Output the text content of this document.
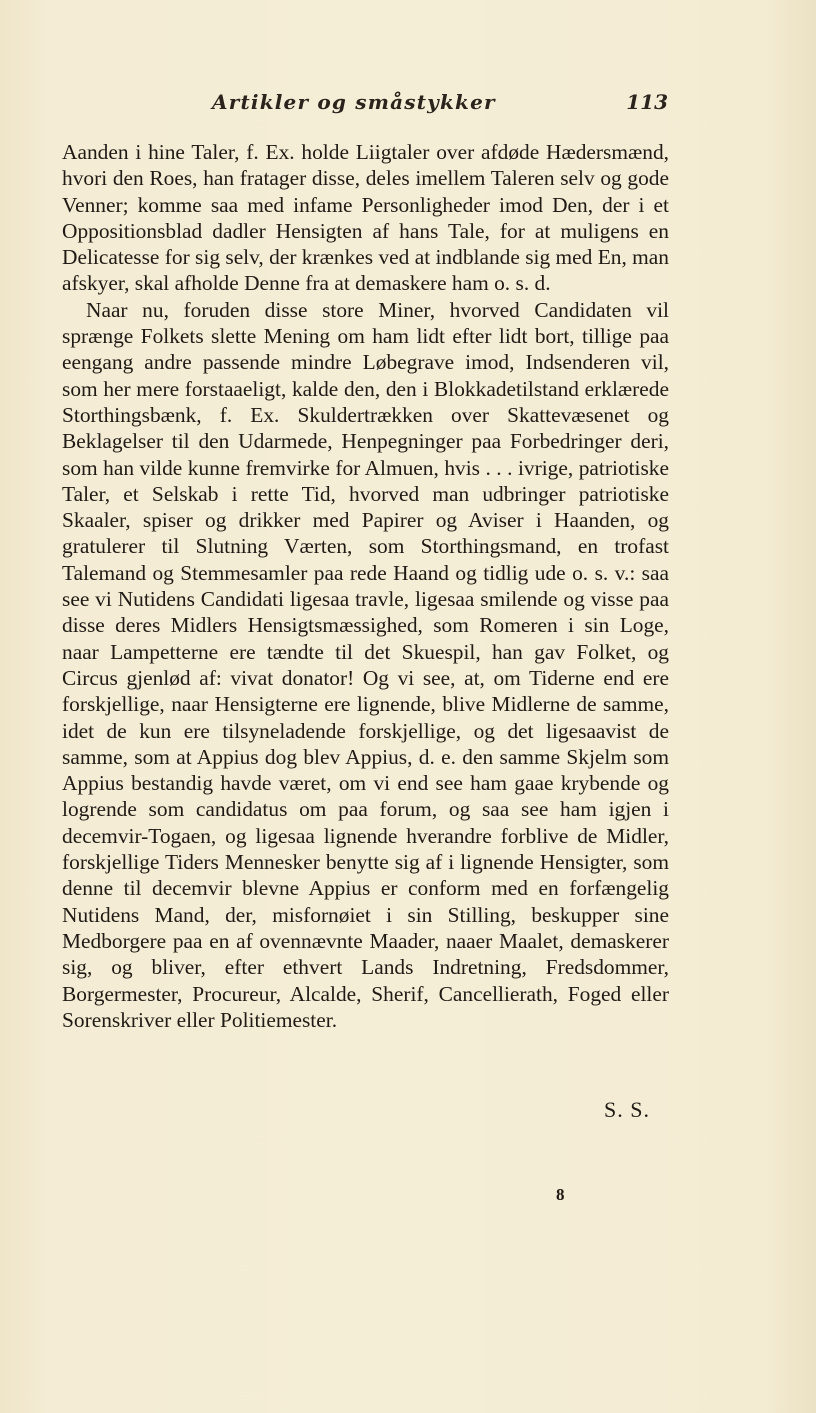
Artikler og småstykker	113

Aanden i hine Taler, f. Ex. holde Liigtaler over afdøde Hædersmænd, hvori den Roes, han fratager disse, deles imellem Taleren selv og gode Venner; komme saa med infame Personligheder imod Den, der i et Oppositionsblad dadler Hensigten af hans Tale, for at muligens en Delicatesse for sig selv, der krænkes ved at indblande sig med En, man afskyer, skal afholde Denne fra at demaskere ham o. s. d.

Naar nu, foruden disse store Miner, hvorved Candidaten vil sprænge Folkets slette Mening om ham lidt efter lidt bort, tillige paa eengang andre passende mindre Løbegrave imod, Indsenderen vil, som her mere forstaaeligt, kalde den, den i Blokkadetilstand erklærede Storthingsbænk, f. Ex. Skuldertrækken over Skattevæsenet og Beklagelser til den Udarmede, Henpegninger paa Forbedringer deri, som han vilde kunne fremvirke for Almuen, hvis . . . ivrige, patriotiske Taler, et Selskab i rette Tid, hvorved man udbringer patriotiske Skaaler, spiser og drikker med Papirer og Aviser i Haanden, og gratulerer til Slutning Værten, som Storthingsmand, en trofast Talemand og Stemmesamler paa rede Haand og tidlig ude o. s. v.: saa see vi Nutidens Candidati ligesaa travle, ligesaa smilende og visse paa disse deres Midlers Hensigtsmæssighed, som Romeren i sin Loge, naar Lampetterne ere tændte til det Skuespil, han gav Folket, og Circus gjenlød af: vivat donator! Og vi see, at, om Tiderne end ere forskjellige, naar Hensigterne ere lignende, blive Midlerne de samme, idet de kun ere tilsyneladende forskjellige, og det ligesaavist de samme, som at Appius dog blev Appius, d. e. den samme Skjelm som Appius bestandig havde været, om vi end see ham gaae krybende og logrende som candidatus om paa forum, og saa see ham igjen i decemvir-Togaen, og ligesaa lignende hverandre forblive de Midler, forskjellige Tiders Mennesker benytte sig af i lignende Hensigter, som denne til decemvir blevne Appius er conform med en forfængelig Nutidens Mand, der, misfornøiet i sin Stilling, beskupper sine Medborgere paa en af ovennævnte Maader, naaer Maalet, demaskerer sig, og bliver, efter ethvert Lands Indretning, Fredsdommer, Borgermester, Procureur, Alcalde, Sherif, Cancellierath, Foged eller Sorenskriver eller Politiemester.

S. S.
8
